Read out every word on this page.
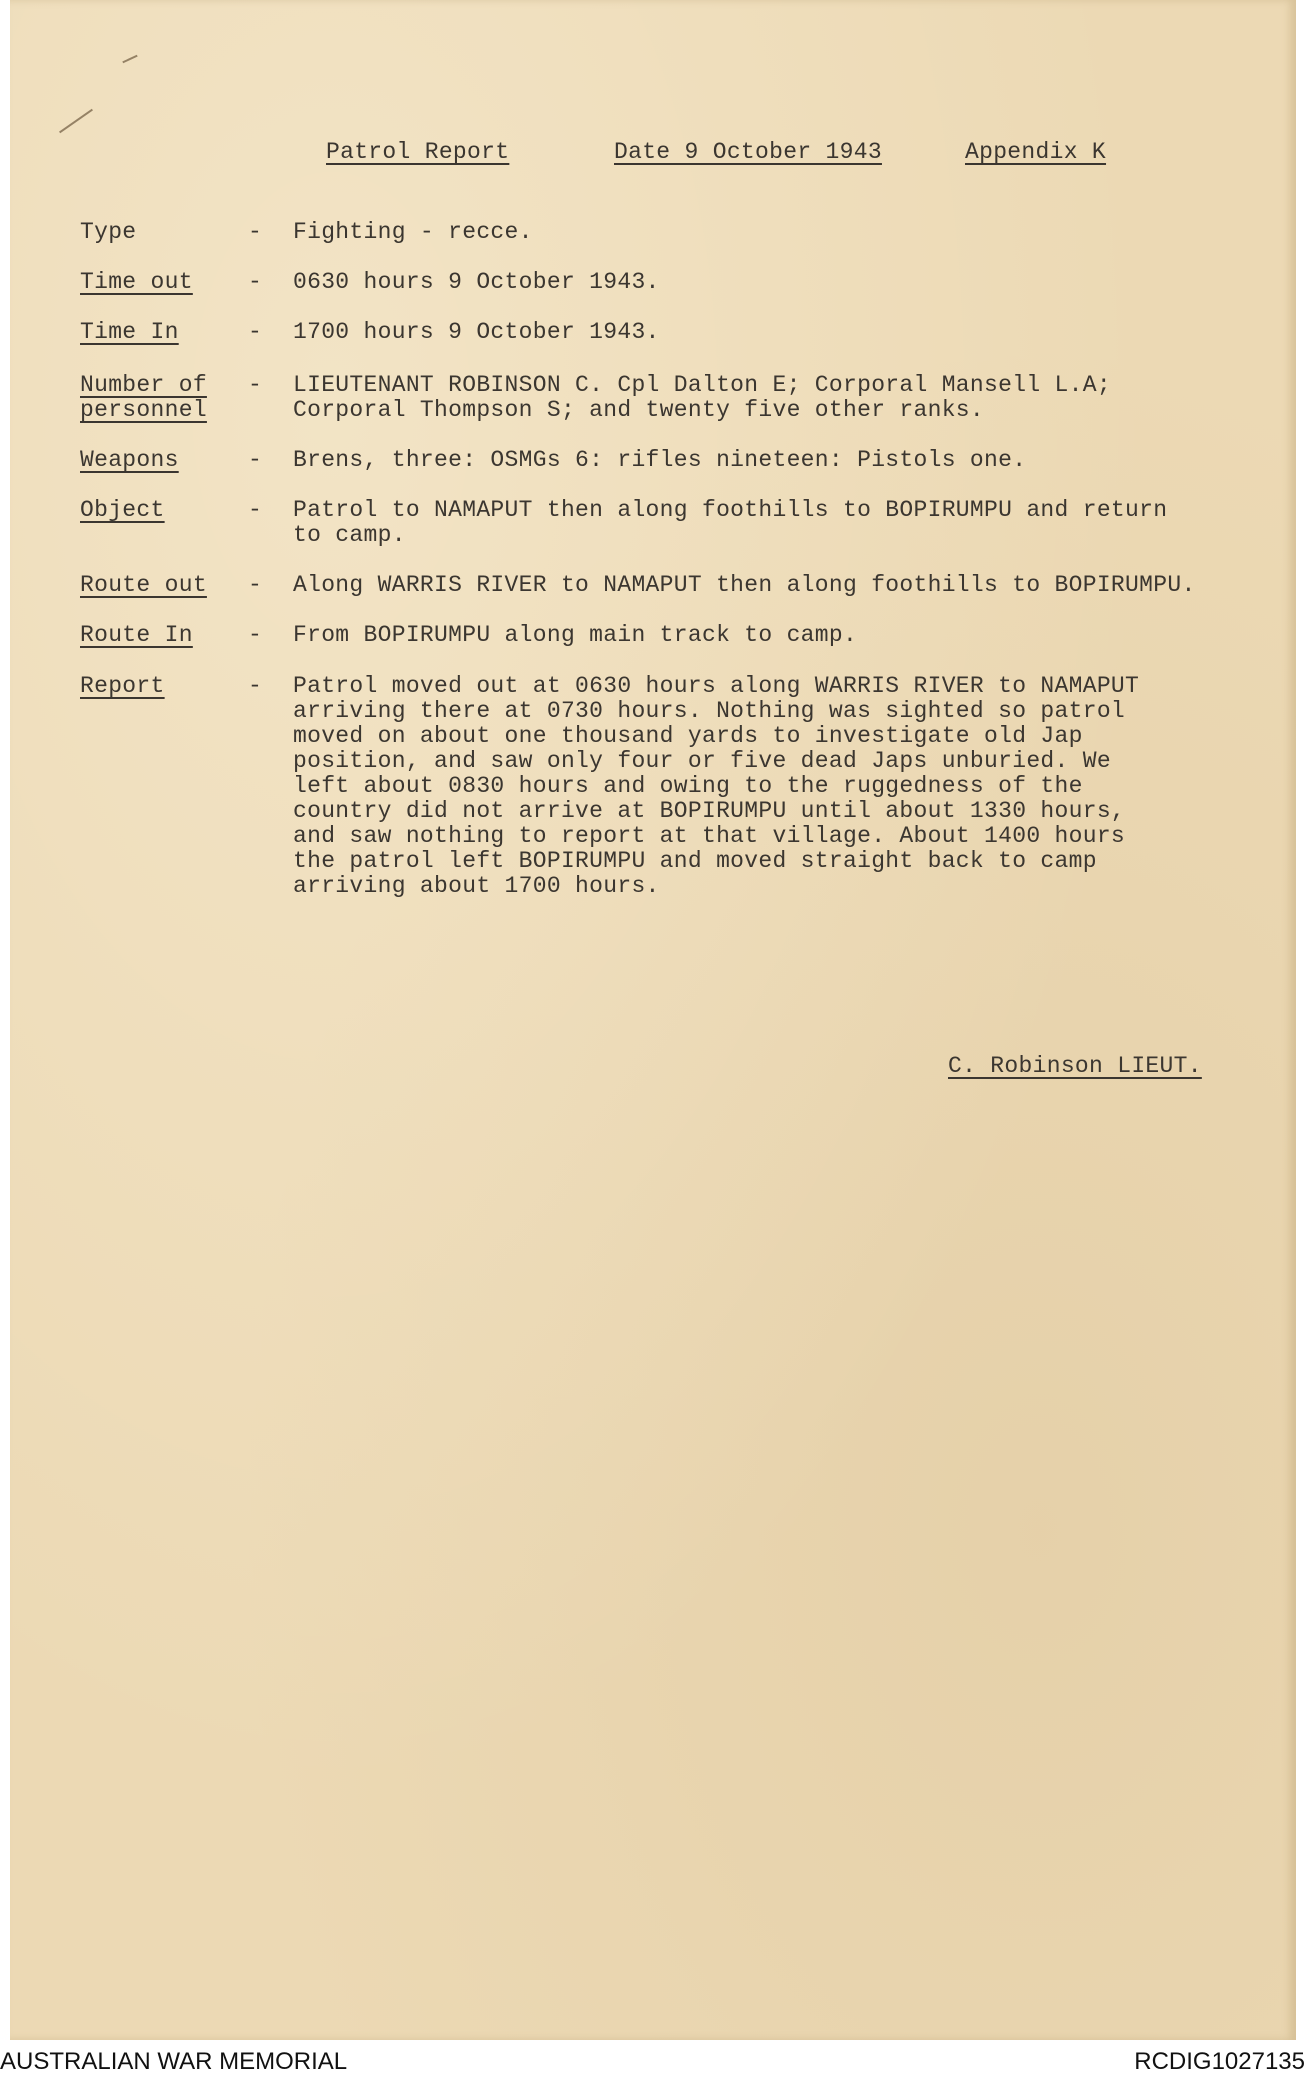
Patrol Report	Date 9 October 1943	Appendix K
Type	- Fighting - recce.
Time out - 0630 hours 9 October 1943.
Time In	- 1700 hours 9 October 1943.
Number of
personnel
- LIEUTENANT ROBINSON C. Cpl Dalton E; Corporal Mansell L.A;
Corporal Thompson S; and twenty five other ranks.
Weapons	- Brens, three: OSMGs 6: rifles nineteen: Pistols one.
Object	- Patrol to NAMAPUT then along foothills to BOPIRUMPU and return
to camp.
Route out - Along WARRIS RIVER to NAMAPUT then along foothills to BOPIRUMPU.
Route In - From BOPIRUMPU along main track to camp.
Report	- Patrol moved out at 0630 hours along WARRIS RIVER to NAMAPUT
arriving there at 0730 hours. Nothing was sighted so patrol
moved on about one thousand yards to investigate old Jap
position, and saw only four or five dead Japs unburied. We
left about 0830 hours and owing to the ruggedness of the
country did not arrive at BOPIRUMPU until about 1330 hours,
and saw nothing to report at that village. About 1400 hours
the patrol left BOPIRUMPU and moved straight back to camp
arriving about 1700 hours.
C. Robinson LIEUT.
AUSTRALIAN WAR MEMORIAL	RCDIG1027135
